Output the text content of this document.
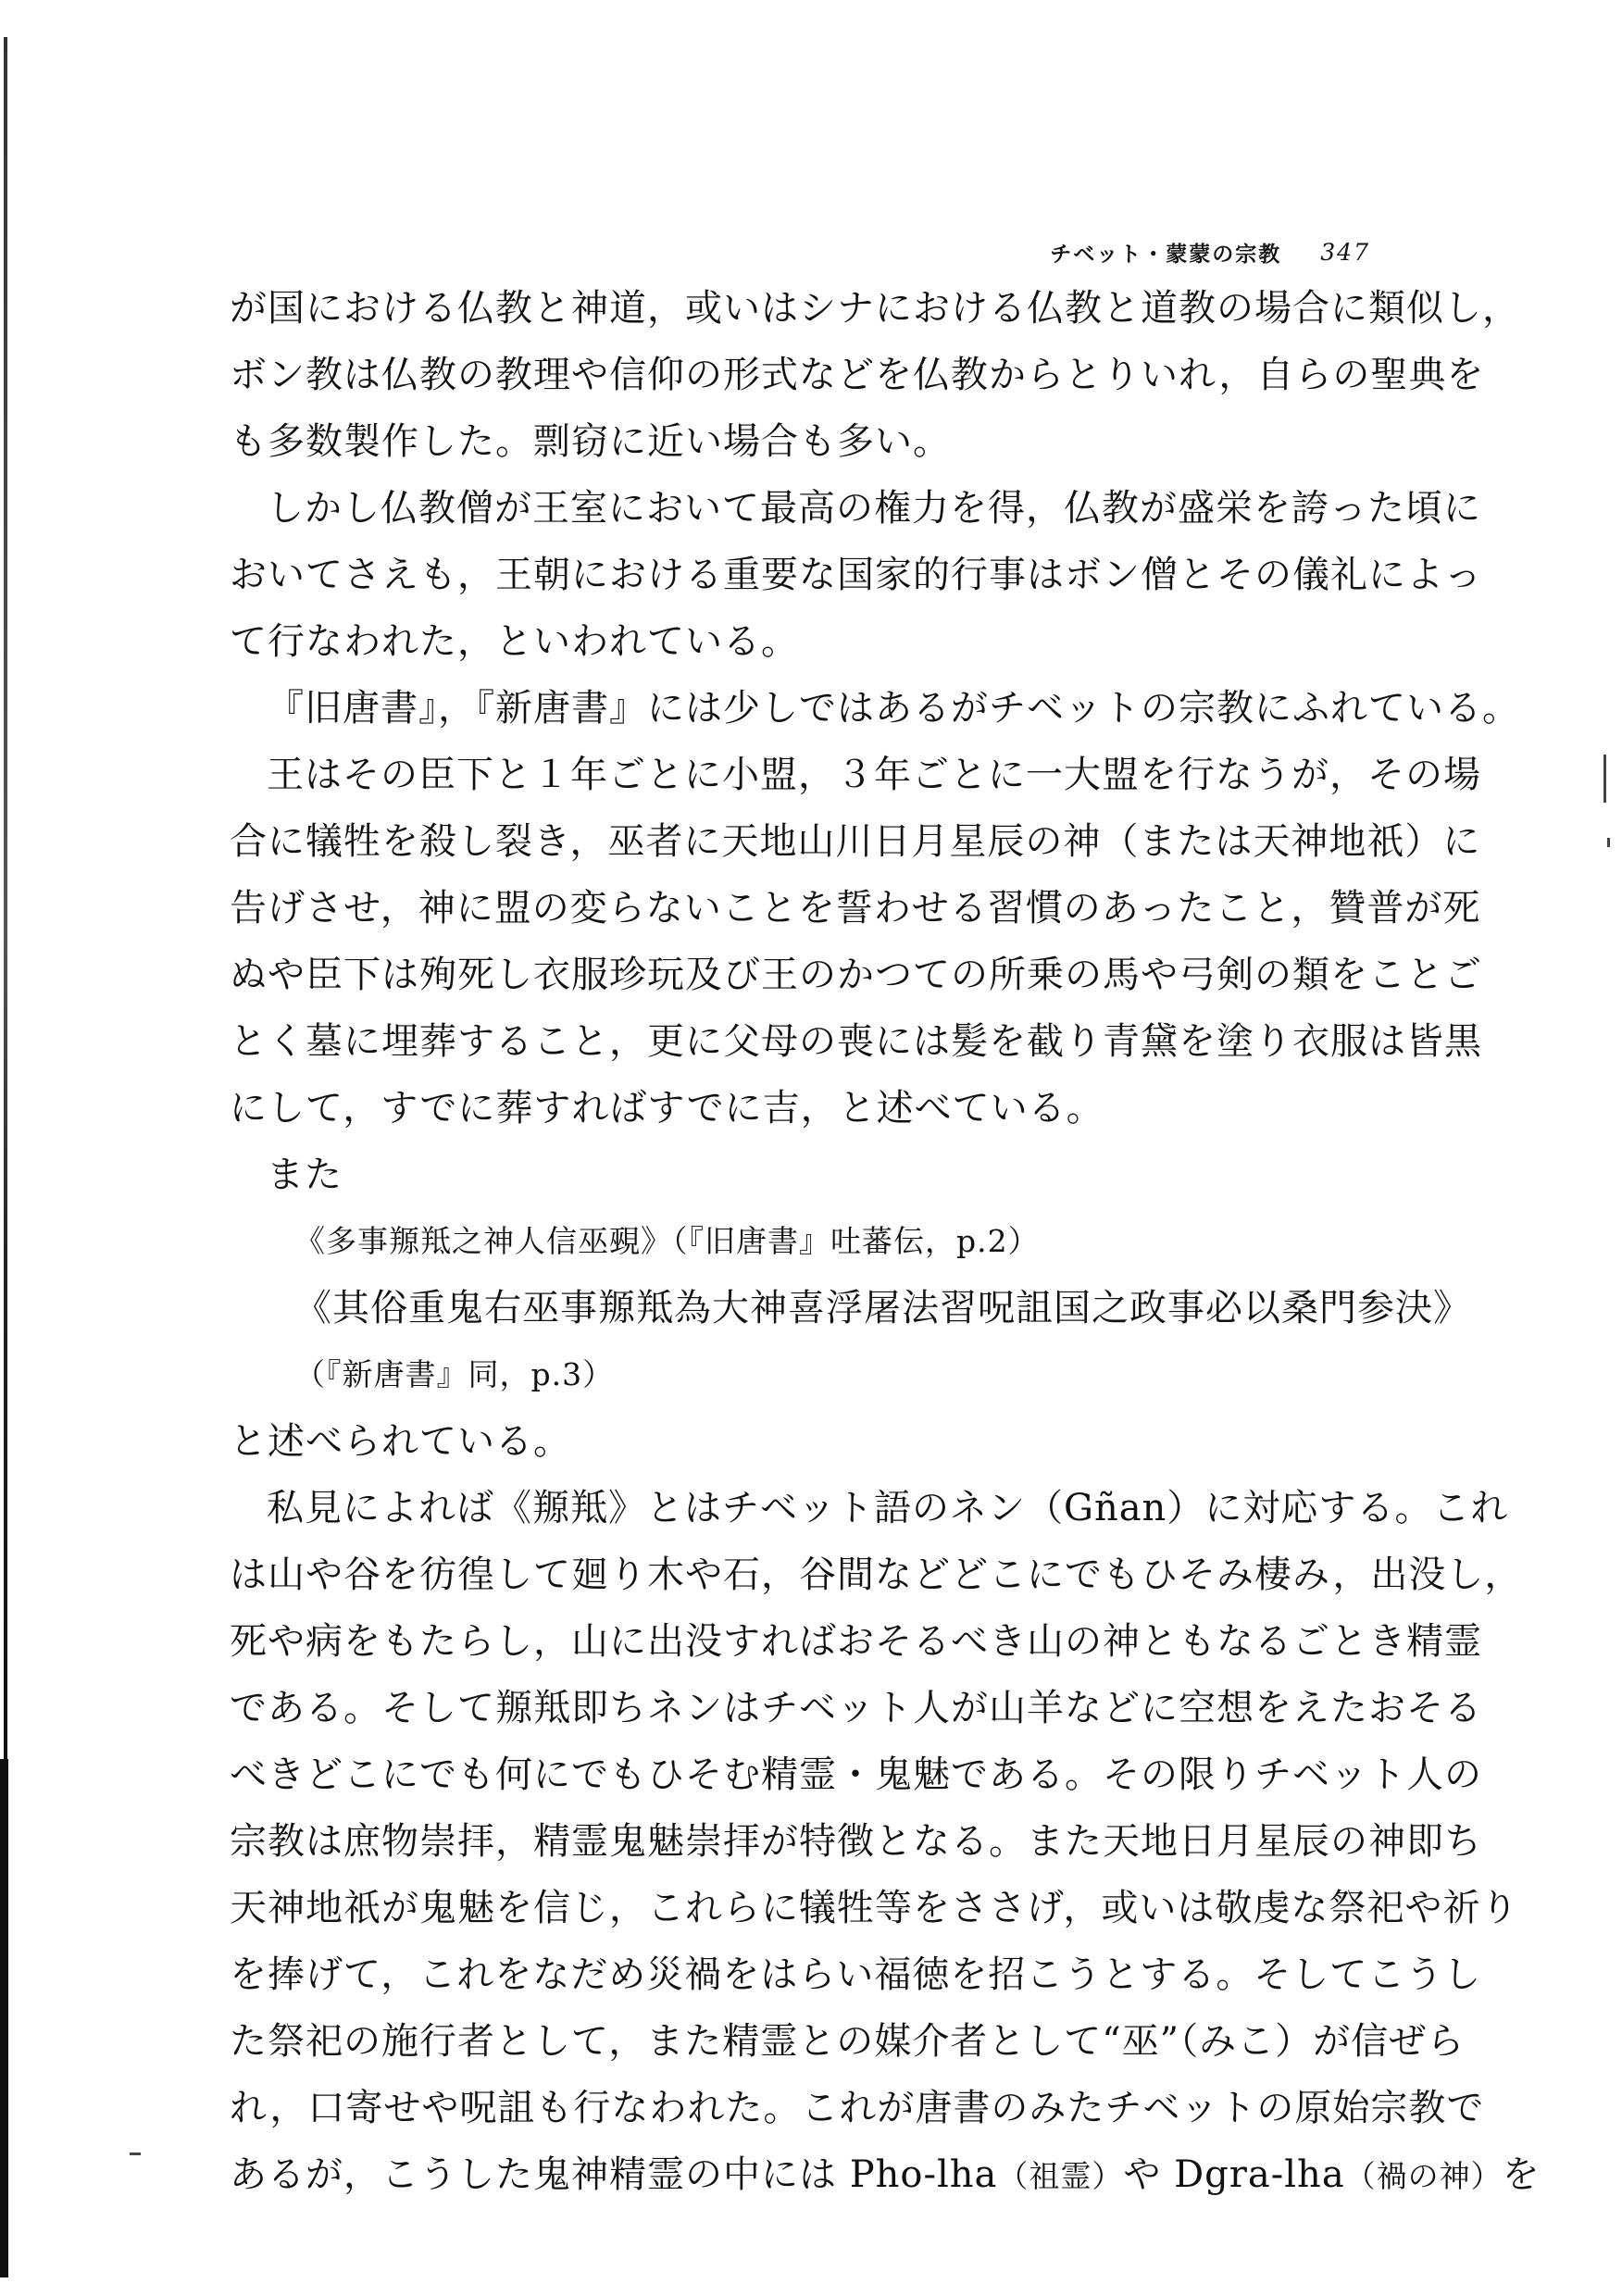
チベット・蒙蒙の宗教 347
が国における仏教と神道，或いはシナにおける仏教と道教の場合に類似し，
ボン教は仏教の教理や信仰の形式などを仏教からとりいれ，自らの聖典を
も多数製作した。剽窃に近い場合も多い。
しかし仏教僧が王室において最高の権力を得，仏教が盛栄を誇った頃に
おいてさえも，王朝における重要な国家的行事はボン僧とその儀礼によっ
て行なわれた，といわれている。
『旧唐書』，『新唐書』には少しではあるがチベットの宗教にふれている。
王はその臣下と１年ごとに小盟，３年ごとに一大盟を行なうが，その場
合に犠牲を殺し裂き，巫者に天地山川日月星辰の神（または天神地祇）に
告げさせ，神に盟の変らないことを誓わせる習慣のあったこと，贊普が死
ぬや臣下は殉死し衣服珍玩及び王のかつての所乗の馬や弓剣の類をことご
とく墓に埋葬すること，更に父母の喪には髪を截り青黛を塗り衣服は皆黒
にして，すでに葬すればすでに吉，と述べている。
また
《多事羱羝之神人信巫覡》（『旧唐書』吐蕃伝，p.2）
《其俗重鬼右巫事羱羝為大神喜浮屠法習呪詛国之政事必以桑門参決》
（『新唐書』同，p.3）
と述べられている。
私見によれば《羱羝》とはチベット語のネン（Gñan）に対応する。これ
は山や谷を彷徨して廻り木や石，谷間などどこにでもひそみ棲み，出没し，
死や病をもたらし，山に出没すればおそるべき山の神ともなるごとき精霊
である。そして羱羝即ちネンはチベット人が山羊などに空想をえたおそる
べきどこにでも何にでもひそむ精霊・鬼魅である。その限りチベット人の
宗教は庶物崇拝，精霊鬼魅崇拝が特徴となる。また天地日月星辰の神即ち
天神地祇が鬼魅を信じ，これらに犠牲等をささげ，或いは敬虔な祭祀や祈り
を捧げて，これをなだめ災禍をはらい福徳を招こうとする。そしてこうし
た祭祀の施行者として，また精霊との媒介者として“巫”（みこ）が信ぜら
れ，口寄せや呪詛も行なわれた。これが唐書のみたチベットの原始宗教で
あるが，こうした鬼神精霊の中には Pho-lha（祖霊）や Dgra-lha（禍の神）を
